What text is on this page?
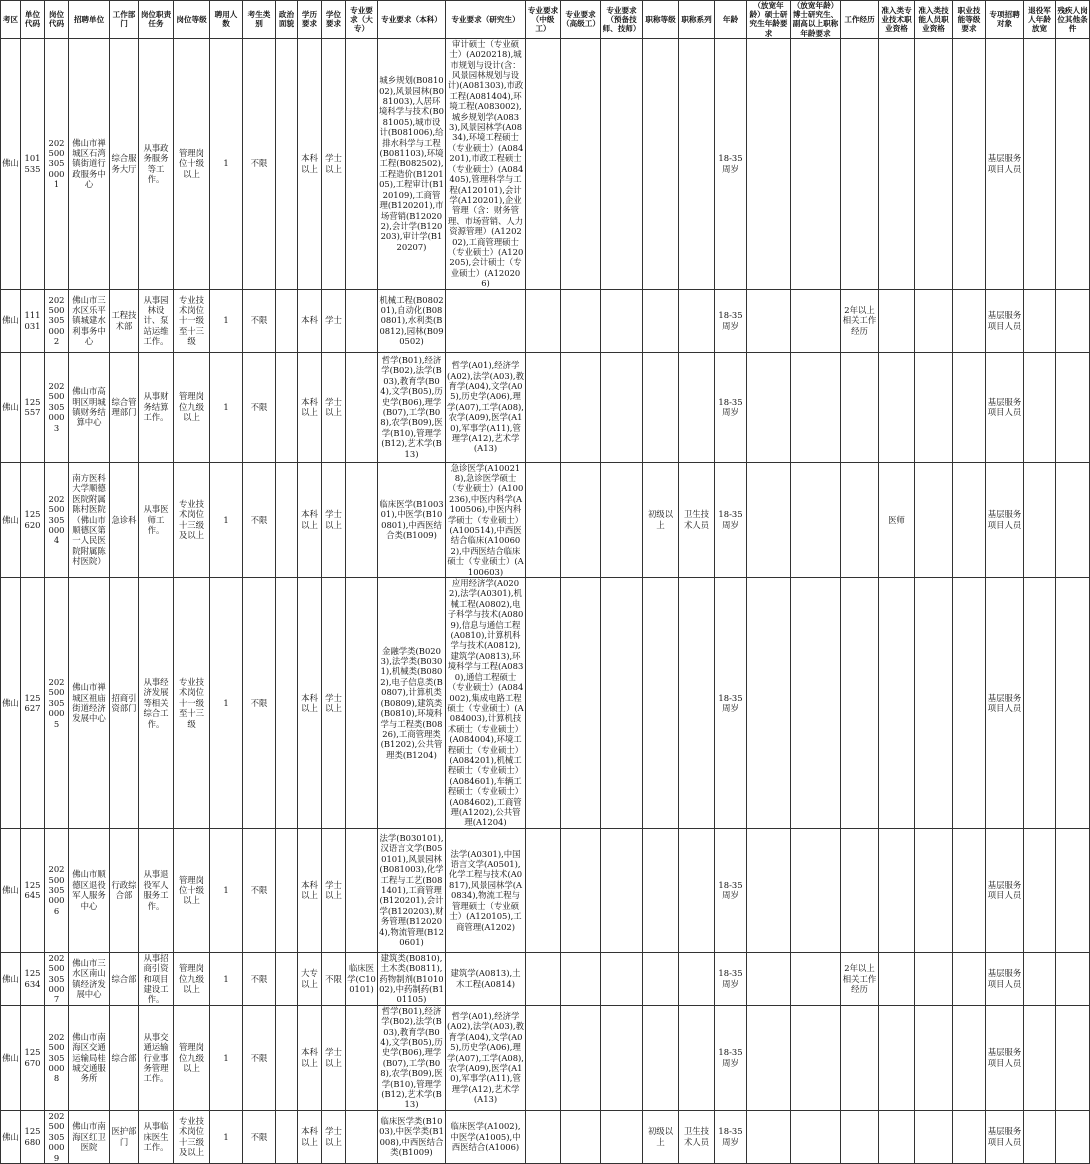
考区	单位代码	岗位代码	招聘单位	工作部门	岗位职责任务	岗位等级	聘用人数	考生类别	政治面貌	学历要求	学位要求	专业要求（大专）	专业要求（本科）	专业要求（研究生）	专业要求（中级工）	专业要求（高级工）	专业要求（预备技师、技师）	职称等级	职称系列	年龄	（放宽年龄）硕士研究生年龄要求	（放宽年龄）博士研究生、副高以上职称年龄要求	工作经历	准入类专业技术职业资格	准入类技能人员职业资格	职业技能等级要求	专项招聘对象	退役军人年龄放宽	残疾人岗位其他条件
佛山	101535	2025003050001	佛山市禅城区石湾镇街道行政服务中心	综合服务大厅	从事政务服务等工作。	管理岗位十级以上	1	不限		本科以上	学士以上		城乡规划(B081002),风景园林(B081003),人居环境科学与技术(B081005),城市设计(B081006),给排水科学与工程(B081103),环境工程(B082502),工程造价(B120105),工程审计(B120109),工商管理(B120201),市场营销(B120202),会计学(B120203),审计学(B120207)	审计硕士（专业硕士）(A020218),城市规划与设计(含：风景园林规划与设计)(A081303),市政工程(A081404),环境工程(A083002),城乡规划学(A0833),风景园林学(A0834),环境工程硕士（专业硕士）(A084201),市政工程硕士（专业硕士）(A084405),管理科学与工程(A120101),会计学(A120201),企业管理（含：财务管理、市场营销、人力资源管理）(A120202),工商管理硕士（专业硕士）(A120205),会计硕士（专业硕士）(A120206)						18-35周岁							基层服务项目人员		
佛山	111031	2025003050002	佛山市三水区乐平镇城建水利事务中心	工程技术部	从事园林设计、泵站运维工作。	专业技术岗位十一级至十三级	1	不限		本科	学士		机械工程(B080201),自动化(B080801),水利类(B0812),园林(B090502)							18-35周岁			2年以上相关工作经历				基层服务项目人员		
佛山	125557	2025003050003	佛山市高明区明城镇财务结算中心	综合管理部门	从事财务结算工作。	管理岗位九级以上	1	不限		本科以上	学士以上		哲学(B01),经济学(B02),法学(B03),教育学(B04),文学(B05),历史学(B06),理学(B07),工学(B08),农学(B09),医学(B10),管理学(B12),艺术学(B13)	哲学(A01),经济学(A02),法学(A03),教育学(A04),文学(A05),历史学(A06),理学(A07),工学(A08),农学(A09),医学(A10),军事学(A11),管理学(A12),艺术学(A13)						18-35周岁							基层服务项目人员		
佛山	125620	2025003050004	南方医科大学顺德医院附属陈村医院（佛山市顺德区第一人民医院附属陈村医院）	急诊科	从事医师工作。	专业技术岗位十三级及以上	1	不限		本科以上	学士以上		临床医学(B100301),中医学(B100801),中西医结合类(B1009)	急诊医学(A100218),急诊医学硕士（专业硕士）(A100236),中医内科学(A100506),中医内科学硕士（专业硕士）(A100514),中西医结合临床(A100602),中西医结合临床硕士（专业硕士）(A100603)				初级以上	卫生技术人员	18-35周岁				医师			基层服务项目人员		
佛山	125627	2025003050005	佛山市禅城区祖庙街道经济发展中心	招商引资部门	从事经济发展等相关综合工作。	专业技术岗位十一级至十三级	1	不限		本科以上	学士以上		金融学类(B0203),法学类(B0301),机械类(B0802),电子信息类(B0807),计算机类(B0809),建筑类(B0810),环境科学与工程类(B0826),工商管理类(B1202),公共管理类(B1204)	应用经济学(A0202),法学(A0301),机械工程(A0802),电子科学与技术(A0809),信息与通信工程(A0810),计算机科学与技术(A0812),建筑学(A0813),环境科学与工程(A0830),通信工程硕士（专业硕士）(A084002),集成电路工程硕士（专业硕士）(A084003),计算机技术硕士（专业硕士）(A084004),环境工程硕士（专业硕士）(A084201),机械工程硕士（专业硕士）(A084601),车辆工程硕士（专业硕士）(A084602),工商管理(A1202),公共管理(A1204)						18-35周岁							基层服务项目人员		
佛山	125645	2025003050006	佛山市顺德区退役军人服务中心	行政综合部	从事退役军人服务工作。	管理岗位十级以上	1	不限		本科以上	学士以上		法学(B030101),汉语言文学(B050101),风景园林(B081003),化学工程与工艺(B081401),工商管理(B120201),会计学(B120203),财务管理(B120204),物流管理(B120601)	法学(A0301),中国语言文学(A0501),化学工程与技术(A0817),风景园林学(A0834),物流工程与管理硕士（专业硕士）(A120105),工商管理(A1202)						18-35周岁							基层服务项目人员		
佛山	125634	2025003050007	佛山市三水区南山镇经济发展中心	综合部	从事招商引资和项目建设工作。	管理岗位九级以上	1	不限		大专以上	不限	临床医学(C100101)	建筑类(B0810),土木类(B0811),药物制剂(B101002),中药制药(B101105)	建筑学(A0813),土木工程(A0814)						18-35周岁			2年以上相关工作经历				基层服务项目人员		
佛山	125670	2025003050008	佛山市南海区交通运输局桂城交通服务所	综合部	从事交通运输行业事务管理工作。	管理岗位九级以上	1	不限		本科以上	学士以上		哲学(B01),经济学(B02),法学(B03),教育学(B04),文学(B05),历史学(B06),理学(B07),工学(B08),农学(B09),医学(B10),管理学(B12),艺术学(B13)	哲学(A01),经济学(A02),法学(A03),教育学(A04),文学(A05),历史学(A06),理学(A07),工学(A08),农学(A09),医学(A10),军事学(A11),管理学(A12),艺术学(A13)						18-35周岁							基层服务项目人员		
佛山	125680	2025003050009	佛山市南海区红卫医院	医护部门	从事临床医生工作。	专业技术岗位十三级及以上	1	不限		本科以上	学士以上		临床医学类(B1003),中医学类(B1008),中西医结合类(B1009)	临床医学(A1002),中医学(A1005),中西医结合(A1006)				初级以上	卫生技术人员	18-35周岁							基层服务项目人员		
